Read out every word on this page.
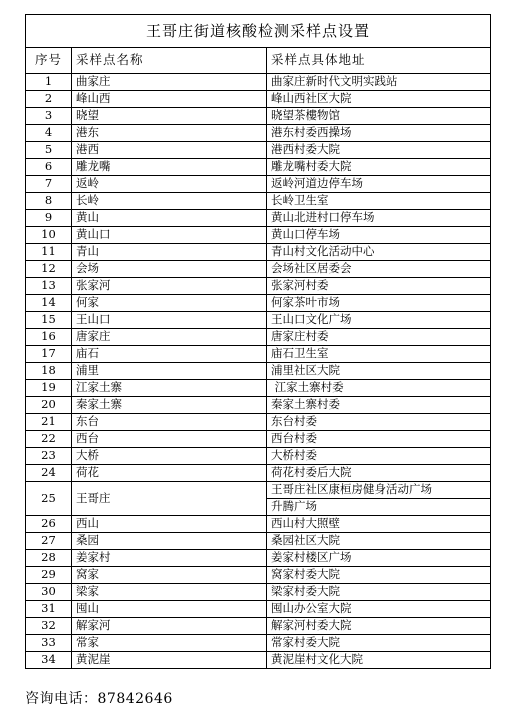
王哥庄街道核酸检测采样点设置		
序号	采样点名称	采样点具体地址
1	曲家庄	曲家庄新时代文明实践站
2	峰山西	峰山西社区大院
3	晓望	晓望茶樓物馆
4	港东	港东村委西操场
5	港西	港西村委大院
6	雕龙嘴	雕龙嘴村委大院
7	返岭	返岭河道边停车场
8	长岭	长岭卫生室
9	黄山	黄山北进村口停车场
10	黄山口	黄山口停车场
11	青山	青山村文化活动中心
12	会场	会场社区居委会
13	张家河	张家河村委
14	何家	何家茶叶市场
15	王山口	王山口文化广场
16	唐家庄	唐家庄村委
17	庙石	庙石卫生室
18	浦里	浦里社区大院
19	江家土寨	江家土寨村委
20	秦家土寨	秦家土寨村委
21	东台	东台村委
22	西台	西台村委
23	大桥	大桥村委
24	荷花	荷花村委后大院
25	王哥庄	王哥庄社区康桓房健身活动广场
		升腾广场
26	西山	西山村大照壁
27	桑园	桑园社区大院
28	姜家村	姜家村楼区广场
29	窝家	窝家村委大院
30	梁家	梁家村委大院
31	囤山	囤山办公室大院
32	解家河	解家河村委大院
33	常家	常家村委大院
34	黄泥崖	黄泥崖村文化大院
咨询电话：87842646
